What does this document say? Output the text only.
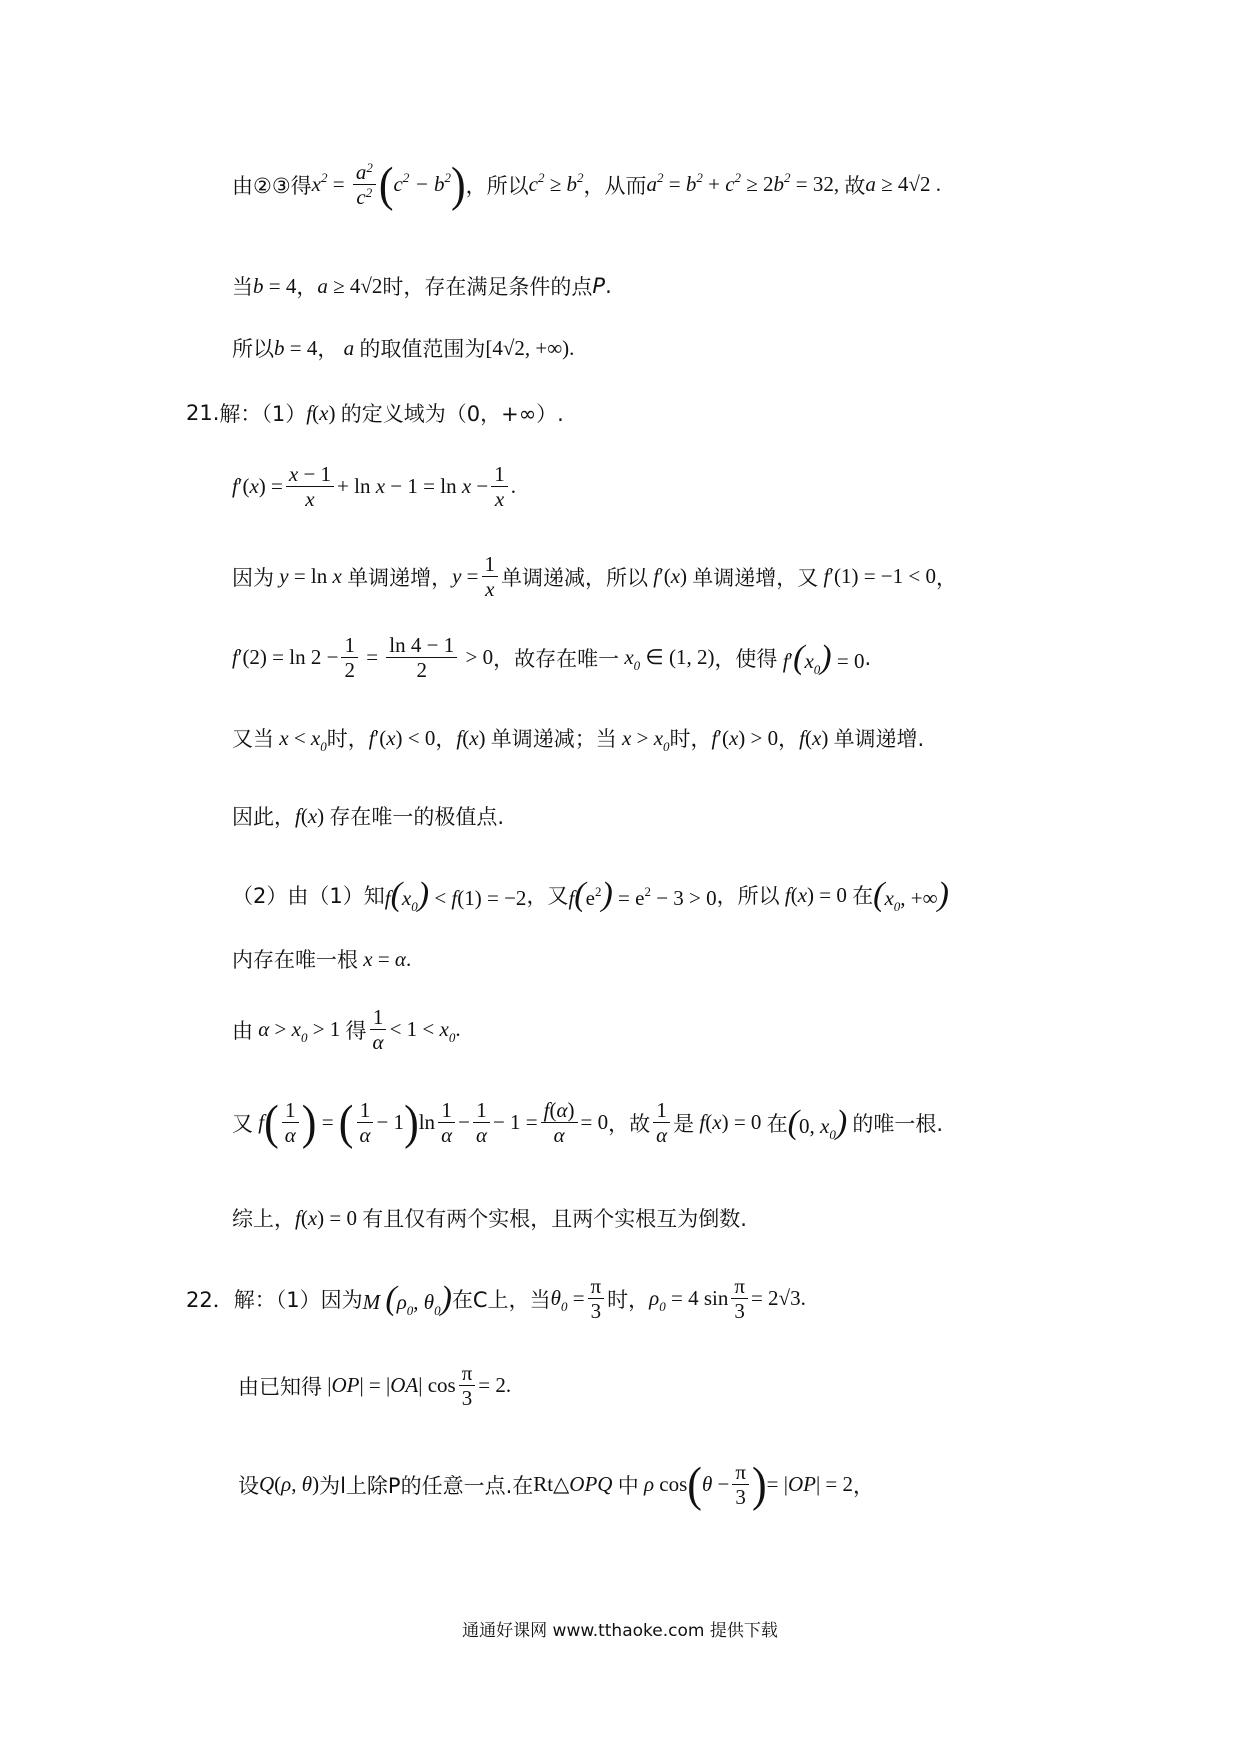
由②③得 $x^2 = \frac{a^2}{c^2}$ ( $c^2 - b^2$ ) ，所以 $c^2 \ge b^2$ ，从而 $a^2 = b^2 + c^2 \ge 2b^2 = 32$, 故 a ≥ 4√2 .
当 b = 4 ， a ≥ 4√2 时，存在满足条件的点 P .
所以 b = 4 ， a 的取值范围为 [4√2, +∞) .
21. 解：（1） f(x) 的定义域为（0，+∞）.
$f'(x) = \frac{x - 1}{x} + \ln x - 1 = \ln x - \frac{1}{x}$ .
因为 y = ln x 单调递增， $y = \frac{1}{x}$ 单调递减，所以 f′(x) 单调递增，又 f′(1) = −1 < 0 ，
$f'(2) = \ln 2 - \frac{1}{2} = \frac{\ln 4 - 1}{2} > 0$ ，故存在唯一 $x_0$ ∈ (1, 2) ，使得 $f'(x_0) = 0$ .
又当 $x < x_0$ 时， f′(x) < 0 ， f(x) 单调递减；当 $x > x_0$ 时， f′(x) > 0 ， f(x) 单调递增.
因此， f(x) 存在唯一的极值点.
（2）由（1）知 $f(x_0) < f(1) = -2$ ，又 $f(e^2) = e^2 - 3 > 0$ ，所以 f(x) = 0 在 ($x_0$, +∞)
内存在唯一根 x = α .
由 $\alpha > x_0 > 1$ 得
1
α
< $1 < x_0$ .
又 f ( 1
α ) = ( 1
α
− 1 ) ln
1
α
− $\frac{1}{\alpha} - 1 = \frac{f(\alpha)}{\alpha} = 0$ ，故
1
α 是 f(x) = 0 在 (0, $x_0$) 的唯一根.
综上， f(x) = 0 有且仅有两个实根，且两个实根互为倒数.
22． 解：（1）因为 M ($\rho_0$, $\theta_0$) 在C上，当 $\theta_0 = \frac{\pi}{3}$ 时， $\rho_0 = 4$ $\sin \frac{\pi}{3} = 2√3$ .
由已知得 |OP| = |OA| $\cos \frac{\pi}{3} = 2$ .
设 Q(ρ, θ) 为l上除P的任意一点.在 Rt△OPQ 中 ρ cos ( $\theta - \frac{\pi}{3}$ ) = |OP| = 2 ，
通通好课网 www.tthaoke.com 提供下载
